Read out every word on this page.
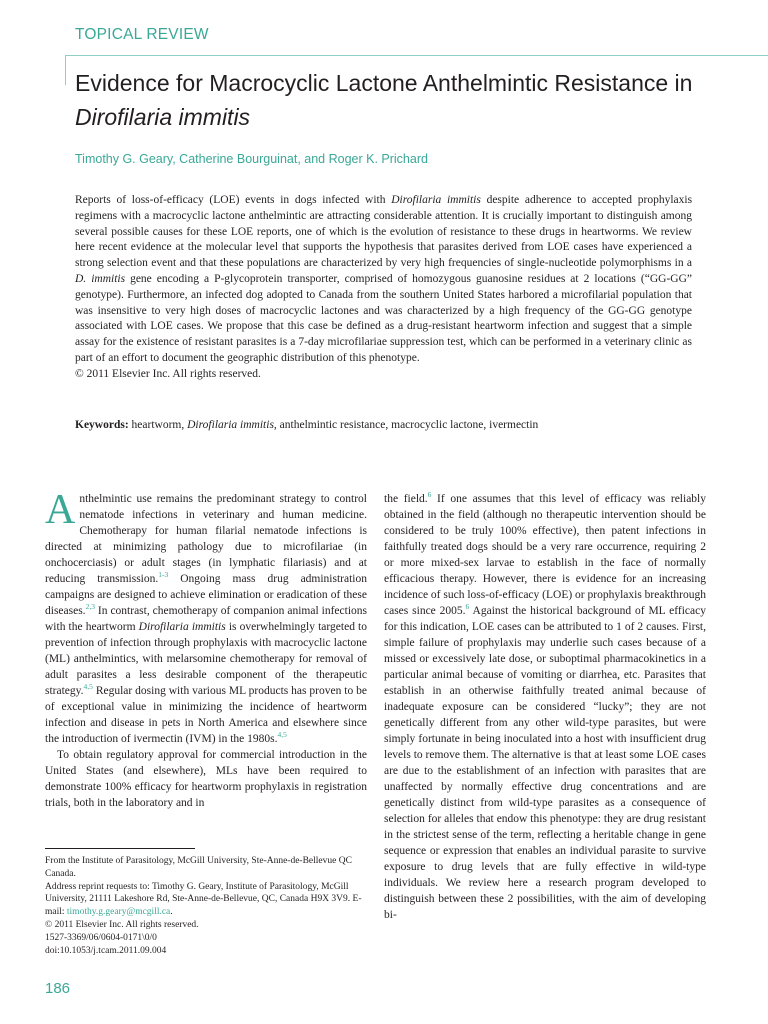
TOPICAL REVIEW
Evidence for Macrocyclic Lactone Anthelmintic Resistance in
Dirofilaria immitis
Timothy G. Geary, Catherine Bourguinat, and Roger K. Prichard

Reports of loss-of-efficacy (LOE) events in dogs infected with Dirofilaria immitis despite adherence to accepted prophylaxis regimens with a macrocyclic lactone anthelmintic are attracting considerable attention. It is crucially important to distinguish among several possible causes for these LOE reports, one of which is the evolution of resistance to these drugs in heartworms. We review here recent evidence at the molecular level that supports the hypothesis that parasites derived from LOE cases have experienced a strong selection event and that these populations are characterized by very high frequencies of single-nucleotide polymorphisms in a D. immitis gene encoding a P-glycoprotein transporter, comprised of homozygous guanosine residues at 2 locations (“GG-GG” genotype). Furthermore, an infected dog adopted to Canada from the southern United States harbored a microfilarial population that was insensitive to very high doses of macrocyclic lactones and was characterized by a high frequency of the GG-GG genotype associated with LOE cases. We propose that this case be defined as a drug-resistant heartworm infection and suggest that a simple assay for the existence of resistant parasites is a 7-day microfilariae suppression test, which can be performed in a veterinary clinic as part of an effort to document the geographic distribution of this phenotype.

© 2011 Elsevier Inc. All rights reserved.

Keywords: heartworm, Dirofilaria immitis, anthelmintic resistance, macrocyclic lactone, ivermectin

Anthelmintic use remains the predominant strategy to control nematode infections in veterinary and human medicine. Chemotherapy for human filarial nematode infections is directed at minimizing pathology due to microfilariae (in onchocerciasis) or adult stages (in lymphatic filariasis) and at reducing transmission.$^{1-3}$ Ongoing mass drug administration campaigns are designed to achieve elimination or eradication of these diseases.$^{2,3}$ In contrast, chemotherapy of companion animal infections with the heartworm Dirofilaria immitis is overwhelmingly targeted to prevention of infection through prophylaxis with macrocyclic lactone (ML) anthelmintics, with melarsomine chemotherapy for removal of adult parasites a less desirable component of the therapeutic strategy.$^{4,5}$ Regular dosing with various ML products has proven to be of exceptional value in minimizing the incidence of heartworm infection and disease in pets in North America and elsewhere since the introduction of ivermectin (IVM) in the 1980s.$^{4,5}$

To obtain regulatory approval for commercial introduction in the United States (and elsewhere), MLs have been required to demonstrate 100% efficacy for heartworm prophylaxis in registration trials, both in the laboratory and in

the field.$^6$ If one assumes that this level of efficacy was reliably obtained in the field (although no therapeutic intervention should be considered to be truly 100% effective), then patent infections in faithfully treated dogs should be a very rare occurrence, requiring 2 or more mixed-sex larvae to establish in the face of normally efficacious therapy. However, there is evidence for an increasing incidence of such loss-of-efficacy (LOE) or prophylaxis breakthrough cases since 2005.$^6$ Against the historical background of ML efficacy for this indication, LOE cases can be attributed to 1 of 2 causes. First, simple failure of prophylaxis may underlie such cases because of a missed or excessively late dose, or suboptimal pharmacokinetics in a particular animal because of vomiting or diarrhea, etc. Parasites that establish in an otherwise faithfully treated animal because of inadequate exposure can be considered “lucky”; they are not genetically different from any other wild-type parasites, but were simply fortunate in being inoculated into a host with insufficient drug levels to remove them. The alternative is that at least some LOE cases are due to the establishment of an infection with parasites that are unaffected by normally effective drug concentrations and are genetically distinct from wild-type parasites as a consequence of selection for alleles that endow this phenotype: they are drug resistant in the strictest sense of the term, reflecting a heritable change in gene sequence or expression that enables an individual parasite to survive exposure to drug levels that are fully effective in wild-type individuals. We review here a research program developed to distinguish between these 2 possibilities, with the aim of developing bi-

From the Institute of Parasitology, McGill University, Ste-Anne-de-Bellevue QC Canada.
Address reprint requests to: Timothy G. Geary, Institute of Parasitology, McGill University, 21111 Lakeshore Rd, Ste-Anne-de-Bellevue, QC, Canada H9X 3V9. E-mail: timothy.g.geary@mcgill.ca.
© 2011 Elsevier Inc. All rights reserved.
1527-3369/06/0604-0171\0/0
doi:10.1053/j.tcam.2011.09.004
186
